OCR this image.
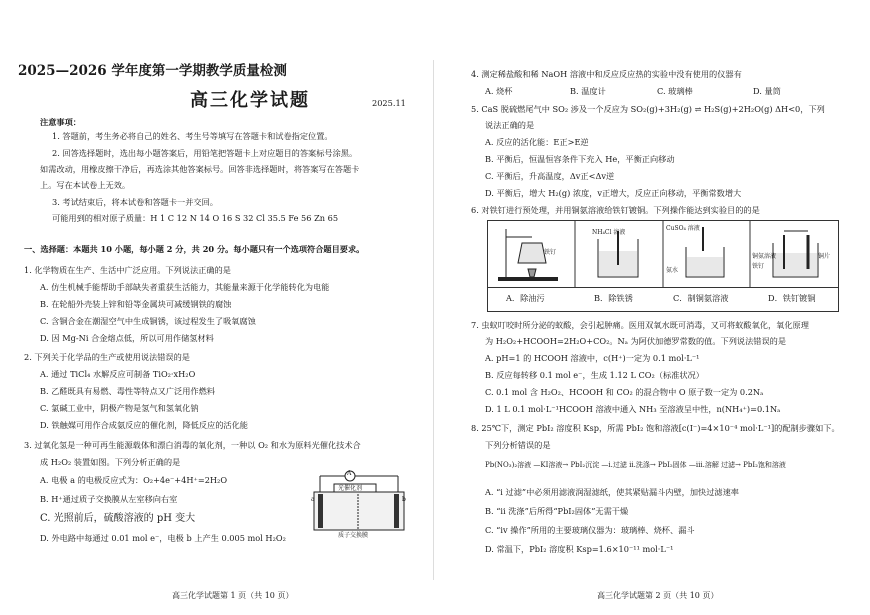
2025—2026 学年度第一学期教学质量检测
高三化学试题	2025.11
注意事项：
1. 答题前，考生务必将自己的姓名、考生号等填写在答题卡和试卷指定位置。
2. 回答选择题时，选出每小题答案后，用铅笔把答题卡上对应题目的答案标号涂黑。
如需改动，用橡皮擦干净后，再选涂其他答案标号。回答非选择题时，将答案写在答题卡
上。写在本试卷上无效。
3. 考试结束后，将本试卷和答题卡一并交回。
可能用到的相对原子质量：H 1 C 12 N 14 O 16 S 32 Cl 35.5 Fe 56 Zn 65
一、选择题：本题共 10 小题，每小题 2 分，共 20 分。每小题只有一个选项符合题目要求。
1. 化学物质在生产、生活中广泛应用。下列说法正确的是
A. 仿生机械手能帮助手部缺失者重获生活能力，其能量来源于化学能转化为电能
B. 在轮船外壳装上锌和铅等金属块可减缓钢铁的腐蚀
C. 含铜合金在潮湿空气中生成铜锈，该过程发生了吸氧腐蚀
D. 因 Mg-Ni 合金熔点低，所以可用作储氢材料
2. 下列关于化学品的生产或使用说法错误的是
A. 通过 TiCl₄ 水解反应可制备 TiO₂·xH₂O
B. 乙醛既具有易燃、毒性等特点又广泛用作燃料
C. 氯碱工业中，阴极产物是氢气和氢氧化钠
D. 铁触媒可用作合成氨反应的催化剂，降低反应的活化能
3. 过氧化氢是一种可再生能源载体和漂白消毒的氧化剂，一种以 O₂ 和水为原料光催化技术合
成 H₂O₂ 装置如图。下列分析正确的是
A. 电极 a 的电极反应式为：O₂+4e⁻+4H⁺=2H₂O
B. H⁺通过质子交换膜从左室移向右室
C. 光照前后，硫酸溶液的 pH 变大
D. 外电路中每通过 0.01 mol e⁻，电极 b 上产生 0.005 mol H₂O₂
A
光催化剂
a	b
质子交换膜
高三化学试题第 1 页（共 10 页）
4. 测定稀盐酸和稀 NaOH 溶液中和反应反应热的实验中没有使用的仪器有
A. 烧杯	B. 温度计	C. 玻璃棒	D. 量筒
5. CaS 脱硫燃尾气中 SO₂ 涉及一个反应为 SO₂(g)+3H₂(g) ⇌ H₂S(g)+2H₂O(g) ΔH<0，下列
说法正确的是
A. 反应的活化能：E正>E逆
B. 平衡后，恒温恒容条件下充入 He，平衡正向移动
C. 平衡后，升高温度，Δv正<Δv逆
D. 平衡后，增大 H₂(g) 浓度，v正增大，反应正向移动，平衡常数增大
6. 对铁钉进行预处理，并用铜氨溶液给铁钉镀铜。下列操作能达到实验目的的是
铁钉
NH₄Cl 溶液
CuSO₄ 溶液
氨水
铜氨溶液
铁钉
铜片
A．除油污	B．除铁锈	C．制铜氨溶液	D．铁钉镀铜
7. 虫蚁叮咬时所分泌的蚁酸，会引起肿痛。医用双氧水既可消毒，又可将蚁酸氧化，氧化原理
为 H₂O₂+HCOOH=2H₂O+CO₂。Nₐ 为阿伏加德罗常数的值。下列说法错误的是
A. pH=1 的 HCOOH 溶液中，c(H⁺)一定为 0.1 mol·L⁻¹
B. 反应每转移 0.1 mol e⁻，生成 1.12 L CO₂（标准状况）
C. 0.1 mol 含 H₂O₂、HCOOH 和 CO₂ 的混合物中 O 原子数一定为 0.2Nₐ
D. 1 L 0.1 mol·L⁻¹HCOOH 溶液中通入 NH₃ 至溶液呈中性，n(NH₄⁺)=0.1Nₐ
8. 25℃下，测定 PbI₂ 溶度积 Ksp，所需 PbI₂ 饱和溶液[c(I⁻)=4×10⁻⁴ mol·L⁻¹]的配制步骤如下。
下列分析错误的是
Pb(NO₃)₂溶液 —KI溶液→ PbI₂沉淀 —i.过滤 ii.洗涤→ PbI₂固体 —iii.溶解 过滤→ PbI₂饱和溶液
A. “i 过滤”中必须用滤液润湿滤纸，使其紧贴漏斗内壁，加快过滤速率
B. “ii 洗涤”后所得“PbI₂固体”无需干燥
C. “iv 操作”所用的主要玻璃仪器为：玻璃棒、烧杯、漏斗
D. 常温下，PbI₂ 溶度积 Ksp=1.6×10⁻¹¹ mol·L⁻¹
高三化学试题第 2 页（共 10 页）
